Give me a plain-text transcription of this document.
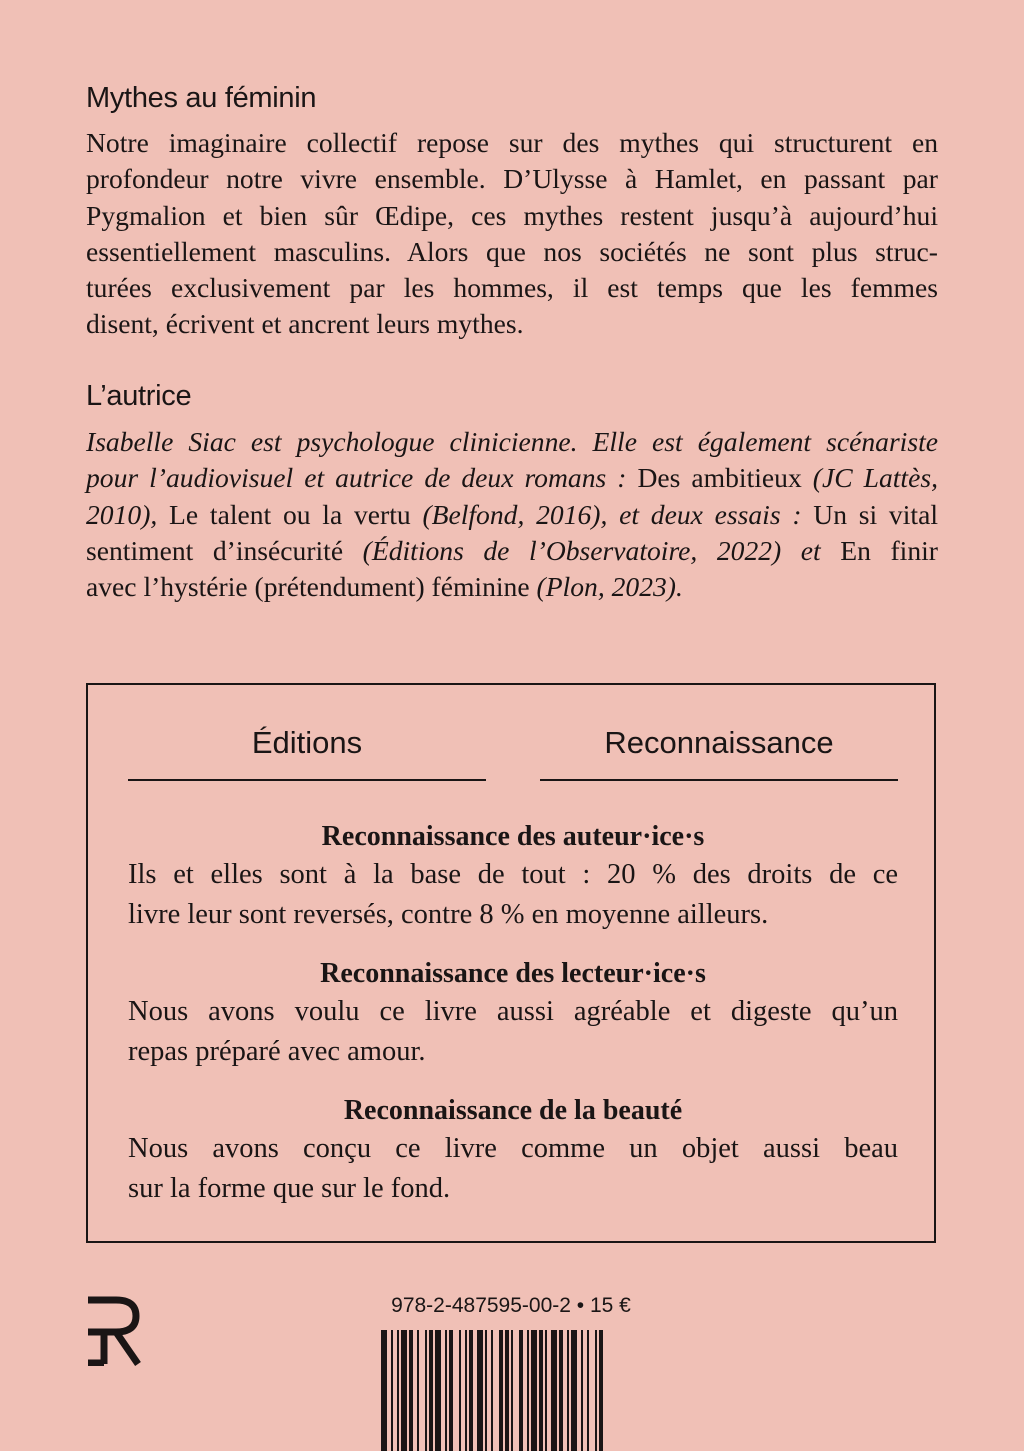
Mythes au féminin

Notre imaginaire collectif repose sur des mythes qui structurent en
profondeur notre vivre ensemble. D’Ulysse à Hamlet, en passant par
Pygmalion et bien sûr Œdipe, ces mythes restent jusqu’à aujourd’hui
essentiellement masculins. Alors que nos sociétés ne sont plus struc-
turées exclusivement par les hommes, il est temps que les femmes
disent, écrivent et ancrent leurs mythes.

L’autrice

Isabelle Siac est psychologue clinicienne. Elle est également scénariste
pour l’audiovisuel et autrice de deux romans : Des ambitieux (JC Lattès,
2010), Le talent ou la vertu (Belfond, 2016), et deux essais : Un si vital
sentiment d’insécurité (Éditions de l’Observatoire, 2022) et En finir
avec l’hystérie (prétendument) féminine (Plon, 2023).

Éditions	Reconnaissance

Reconnaissance des auteur·ice·s

Ils et elles sont à la base de tout : 20 % des droits de ce
livre leur sont reversés, contre 8 % en moyenne ailleurs.

Reconnaissance des lecteur·ice·s

Nous avons voulu ce livre aussi agréable et digeste qu’un
repas préparé avec amour.

Reconnaissance de la beauté

Nous avons conçu ce livre comme un objet aussi beau
sur la forme que sur le fond.

978-2-487595-00-2 • 15 €
